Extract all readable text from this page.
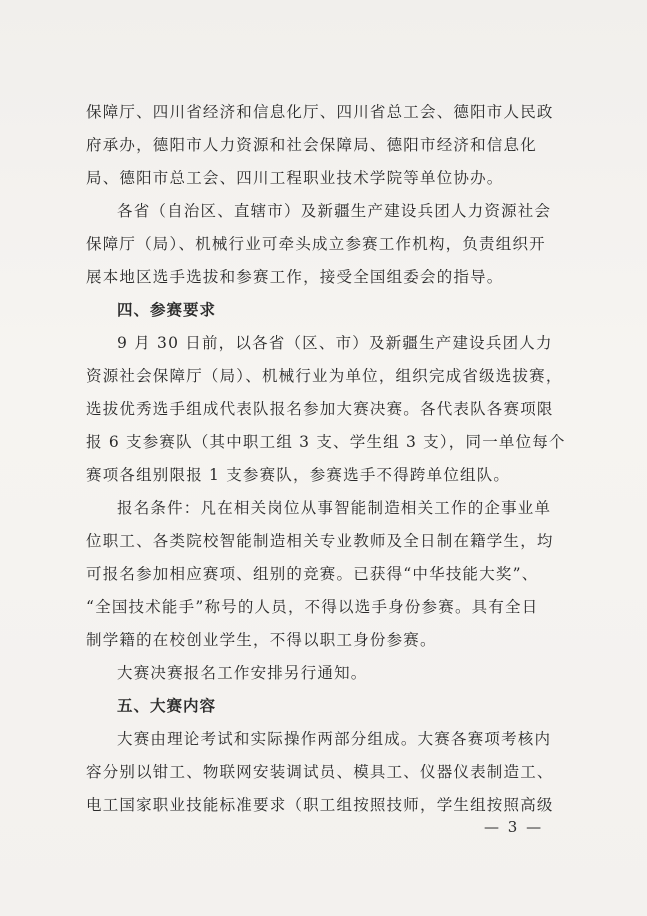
保障厅、四川省经济和信息化厅、四川省总工会、德阳市人民政
府承办，德阳市人力资源和社会保障局、德阳市经济和信息化
局、德阳市总工会、四川工程职业技术学院等单位协办。
各省（自治区、直辖市）及新疆生产建设兵团人力资源社会
保障厅（局）、机械行业可牵头成立参赛工作机构，负责组织开
展本地区选手选拔和参赛工作，接受全国组委会的指导。
四、参赛要求
9 月 30 日前，以各省（区、市）及新疆生产建设兵团人力
资源社会保障厅（局）、机械行业为单位，组织完成省级选拔赛，
选拔优秀选手组成代表队报名参加大赛决赛。各代表队各赛项限
报 6 支参赛队（其中职工组 3 支、学生组 3 支），同一单位每个
赛项各组别限报 1 支参赛队，参赛选手不得跨单位组队。
报名条件：凡在相关岗位从事智能制造相关工作的企事业单
位职工、各类院校智能制造相关专业教师及全日制在籍学生，均
可报名参加相应赛项、组别的竞赛。已获得“中华技能大奖”、
“全国技术能手”称号的人员，不得以选手身份参赛。具有全日
制学籍的在校创业学生，不得以职工身份参赛。
大赛决赛报名工作安排另行通知。
五、大赛内容
大赛由理论考试和实际操作两部分组成。大赛各赛项考核内
容分别以钳工、物联网安装调试员、模具工、仪器仪表制造工、
电工国家职业技能标准要求（职工组按照技师，学生组按照高级
— 3 —
